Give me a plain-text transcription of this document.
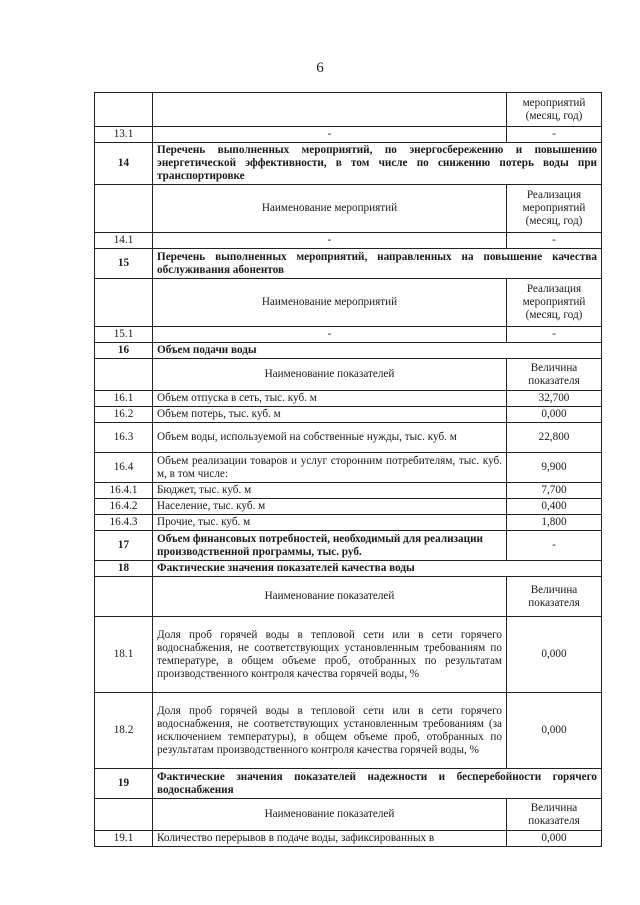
6
		мероприятий (месяц, год)
13.1	-	-
14	Перечень выполненных мероприятий, по энергосбережению и повышению энергетической эффективности, в том числе по снижению потерь воды при транспортировке	
	Наименование мероприятий	Реализация мероприятий (месяц, год)
14.1	-	-
15	Перечень выполненных мероприятий, направленных на повышение качества обслуживания абонентов	
	Наименование мероприятий	Реализация мероприятий (месяц, год)
15.1	-	-
16	Объем подачи воды	
	Наименование показателей	Величина показателя
16.1	Объем отпуска в сеть, тыс. куб. м	32,700
16.2	Объем потерь, тыс. куб. м	0,000
16.3	Объем воды, используемой на собственные нужды, тыс. куб. м	22,800
16.4	Объем реализации товаров и услуг сторонним потребителям, тыс. куб. м, в том числе:	9,900
16.4.1	Бюджет, тыс. куб. м	7,700
16.4.2	Население, тыс. куб. м	0,400
16.4.3	Прочие, тыс. куб. м	1,800
17	Объем финансовых потребностей, необходимый для реализации производственной программы, тыс. руб.	-
18	Фактические значения показателей качества воды	
	Наименование показателей	Величина показателя
18.1	Доля проб горячей воды в тепловой сети или в сети горячего водоснабжения, не соответствующих установленным требованиям по температуре, в общем объеме проб, отобранных по результатам производственного контроля качества горячей воды, %	0,000
18.2	Доля проб горячей воды в тепловой сети или в сети горячего водоснабжения, не соответствующих установленным требованиям (за исключением температуры), в общем объеме проб, отобранных по результатам производственного контроля качества горячей воды, %	0,000
19	Фактические значения показателей надежности и бесперебойности горячего водоснабжения	
	Наименование показателей	Величина показателя
19.1	Количество перерывов в подаче воды, зафиксированных в	0,000
